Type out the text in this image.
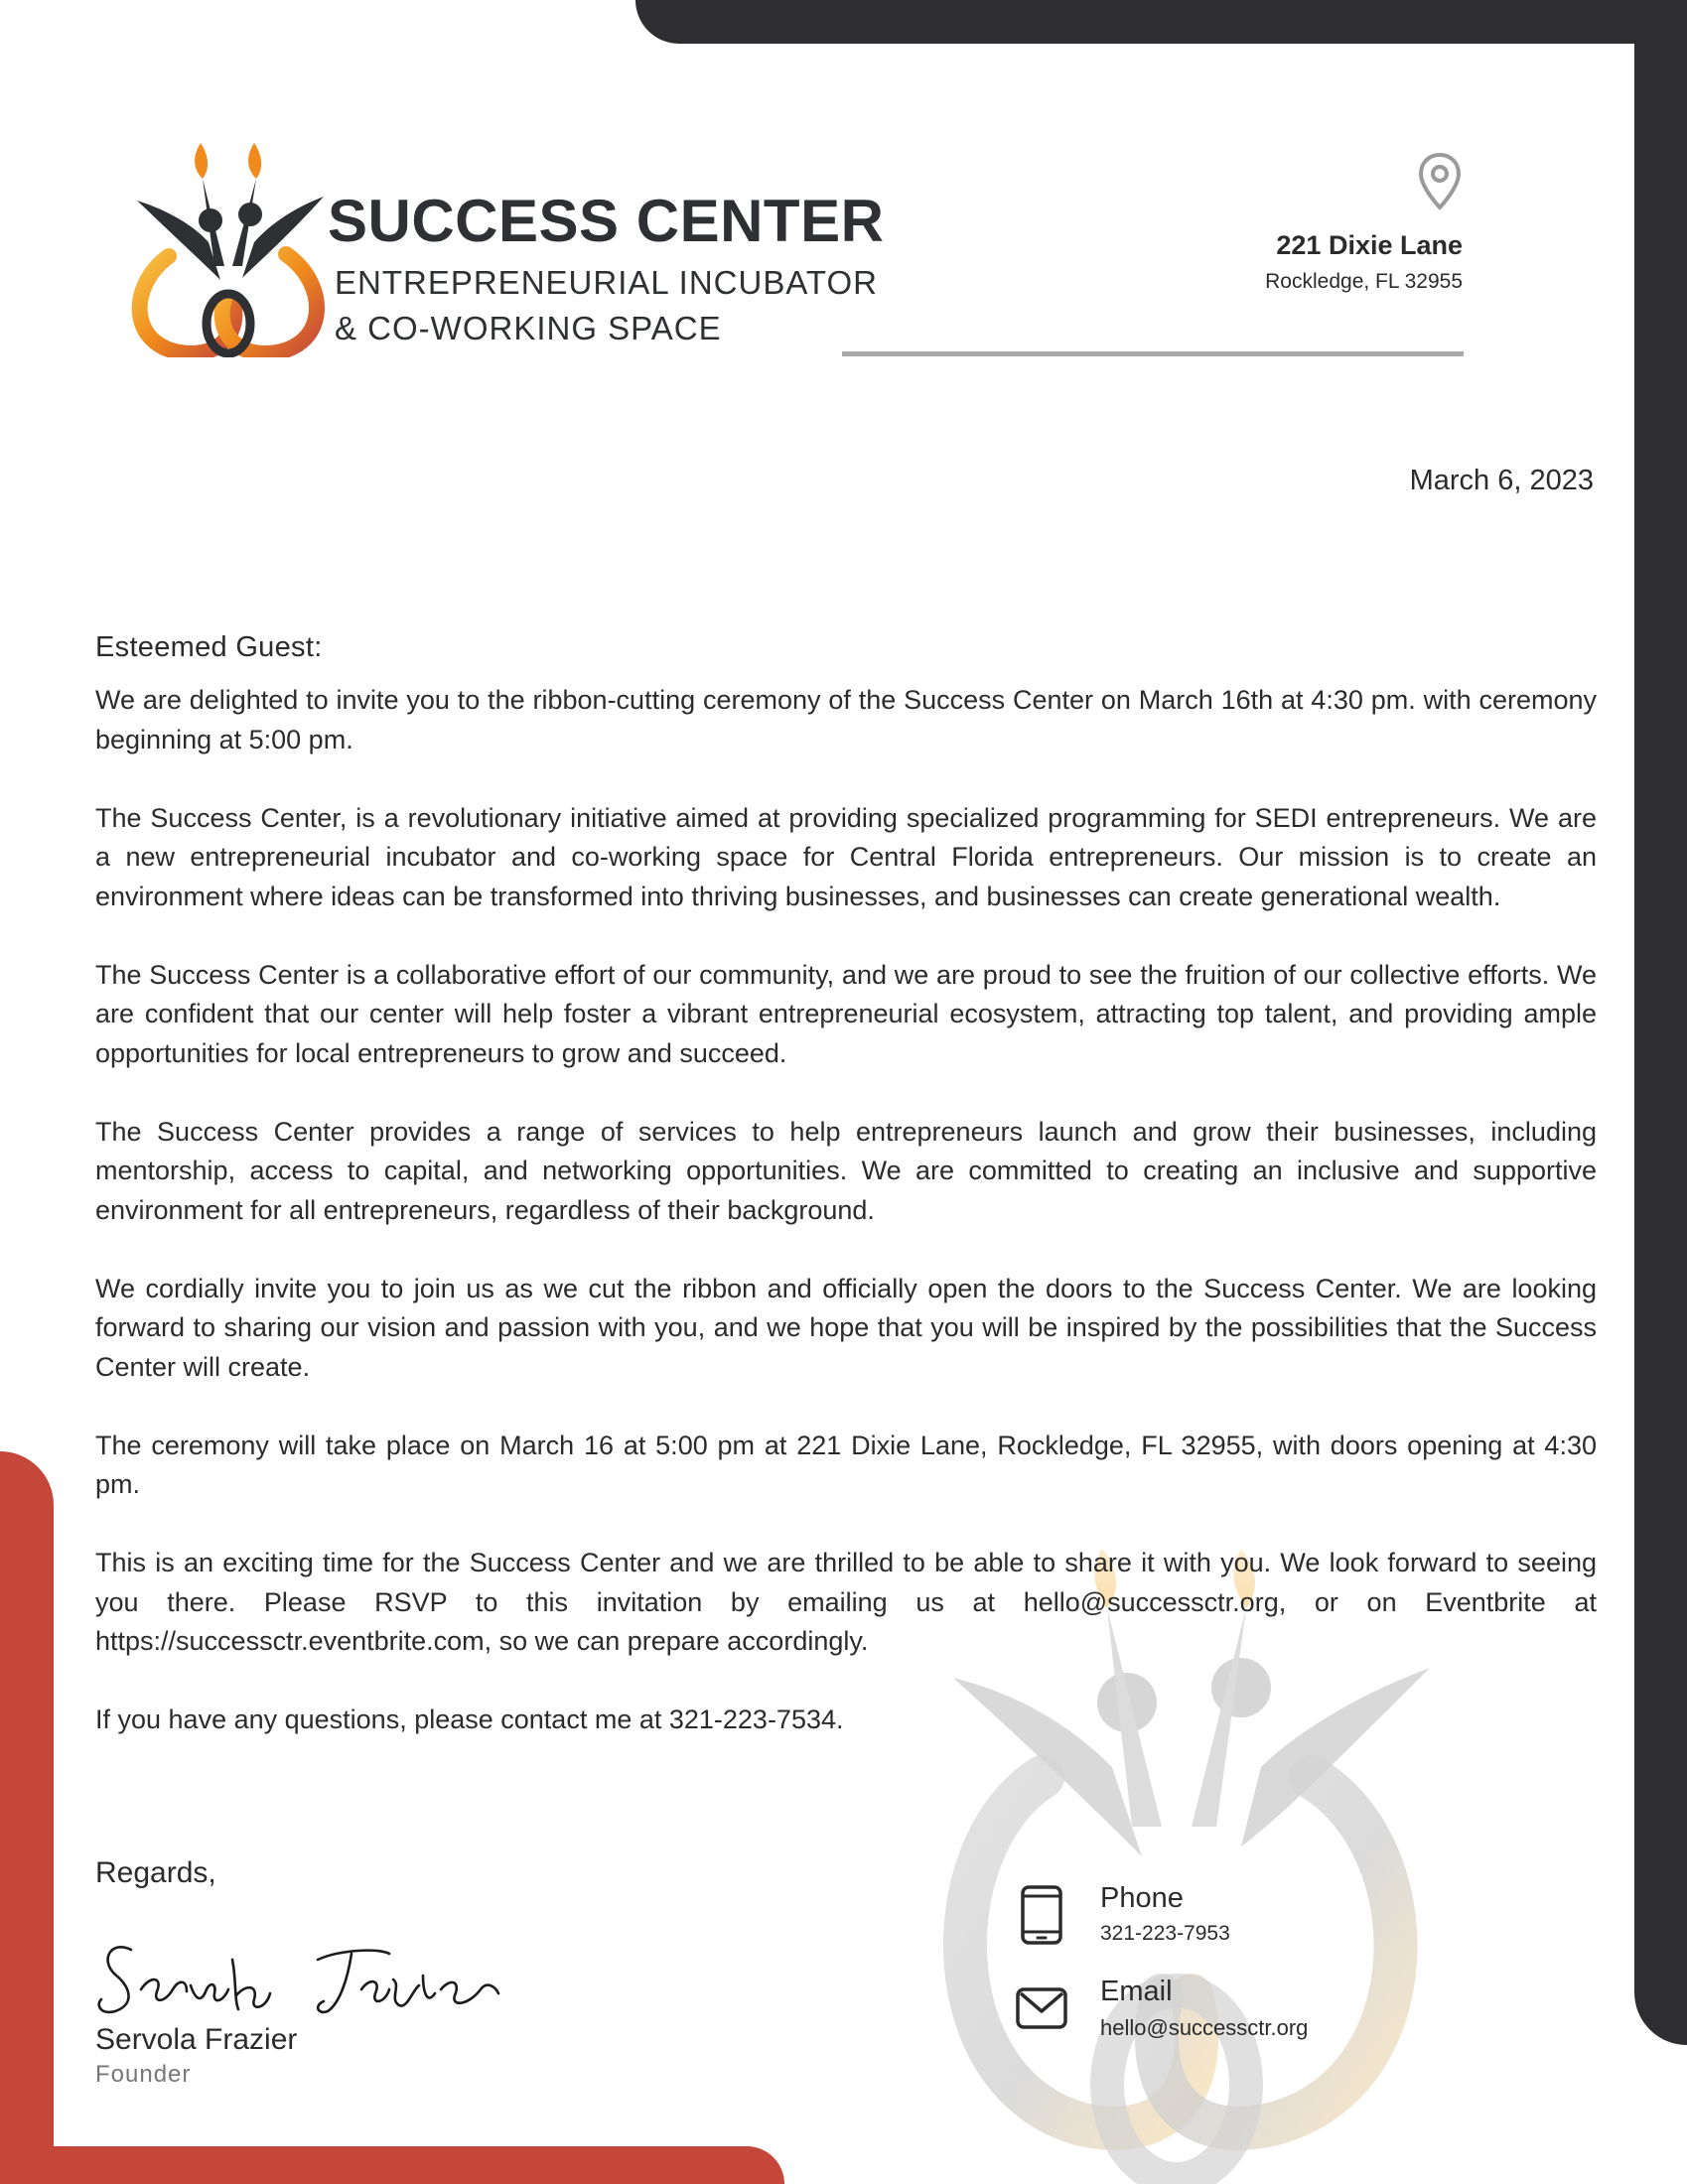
SUCCESS CENTER
ENTREPRENEURIAL INCUBATOR
& CO-WORKING SPACE
221 Dixie Lane
Rockledge, FL 32955
March 6, 2023
Esteemed Guest:

We are delighted to invite you to the ribbon-cutting ceremony of the Success Center on March 16th at 4:30 pm. with ceremony beginning at 5:00 pm.

The Success Center, is a revolutionary initiative aimed at providing specialized programming for SEDI entrepreneurs. We are a new entrepreneurial incubator and co-working space for Central Florida entrepreneurs. Our mission is to create an environment where ideas can be transformed into thriving businesses, and businesses can create generational wealth.

The Success Center is a collaborative effort of our community, and we are proud to see the fruition of our collective efforts. We are confident that our center will help foster a vibrant entrepreneurial ecosystem, attracting top talent, and providing ample opportunities for local entrepreneurs to grow and succeed.

The Success Center provides a range of services to help entrepreneurs launch and grow their businesses, including mentorship, access to capital, and networking opportunities. We are committed to creating an inclusive and supportive environment for all entrepreneurs, regardless of their background.

We cordially invite you to join us as we cut the ribbon and officially open the doors to the Success Center. We are looking forward to sharing our vision and passion with you, and we hope that you will be inspired by the possibilities that the Success Center will create.

The ceremony will take place on March 16 at 5:00 pm at 221 Dixie Lane, Rockledge, FL 32955, with doors opening at 4:30 pm.

This is an exciting time for the Success Center and we are thrilled to be able to share it with you. We look forward to seeing you there. Please RSVP to this invitation by emailing us at hello@successctr.org, or on Eventbrite at https://successctr.eventbrite.com, so we can prepare accordingly.

If you have any questions, please contact me at 321-223-7534.

Regards,
Servola Frazier
Founder
Phone
321-223-7953
Email
hello@successctr.org
